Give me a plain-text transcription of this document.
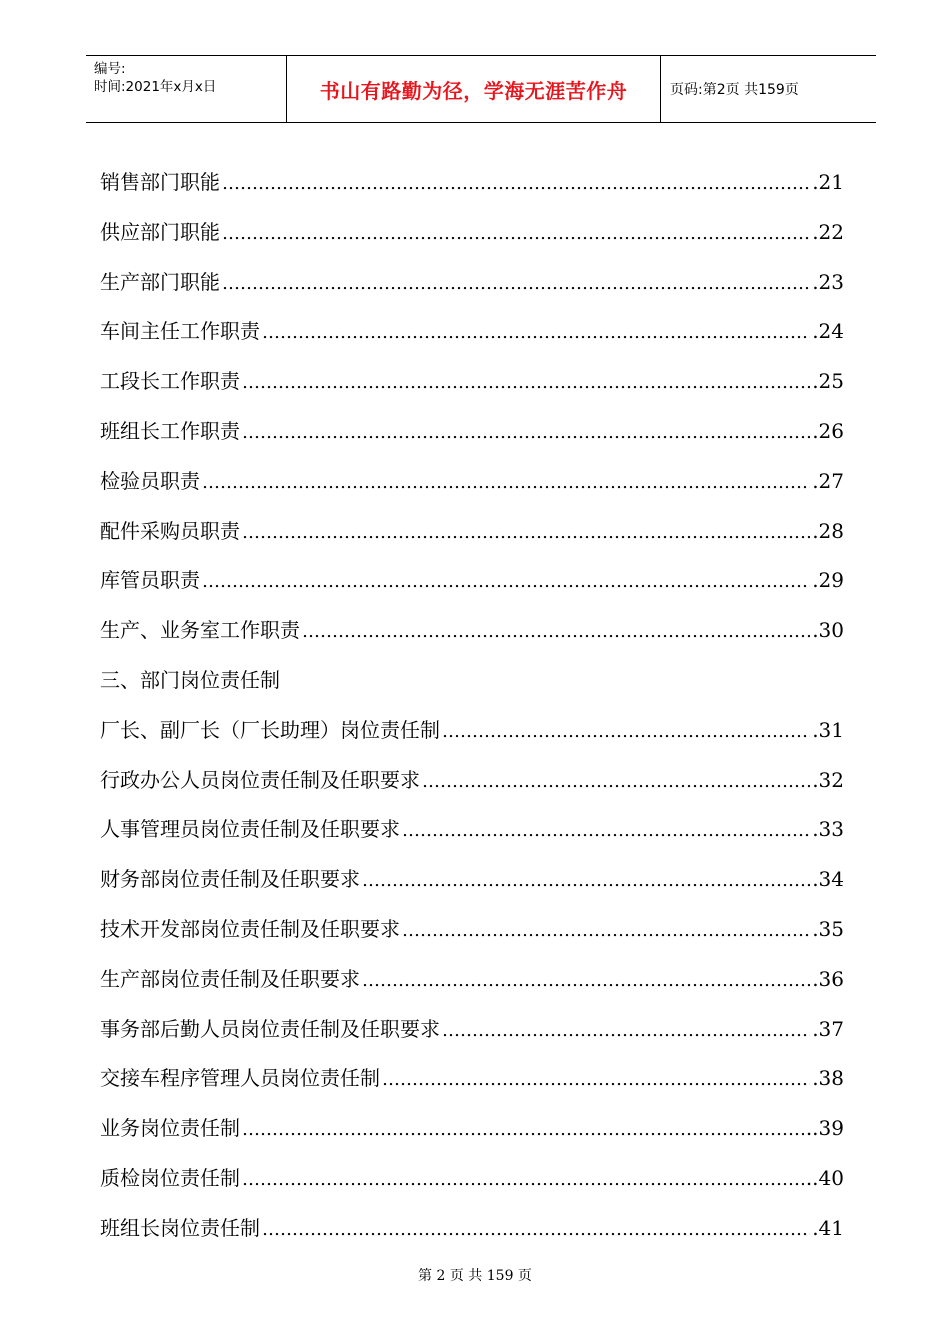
编号:
时间:2021年x月x日	书山有路勤为径，学海无涯苦作舟	页码:第2页 共159页
销售部门职能 ……………………………………………………………………………………………………………………………………………	.21
供应部门职能 ……………………………………………………………………………………………………………………………………………	.22
生产部门职能 ……………………………………………………………………………………………………………………………………………	.23
车间主任工作职责 ……………………………………………………………………………………………………………………………………………	.24
工段长工作职责 ……………………………………………………………………………………………………………………………………………	.25
班组长工作职责 ……………………………………………………………………………………………………………………………………………	.26
检验员职责 ……………………………………………………………………………………………………………………………………………	.27
配件采购员职责 ……………………………………………………………………………………………………………………………………………	.28
库管员职责 ……………………………………………………………………………………………………………………………………………	.29
生产、业务室工作职责 ……………………………………………………………………………………………………………………………………………	.30
三、部门岗位责任制
厂长、副厂长（厂长助理）岗位责任制 ……………………………………………………………………………………………………………………………………………	.31
行政办公人员岗位责任制及任职要求 ……………………………………………………………………………………………………………………………………………	.32
人事管理员岗位责任制及任职要求 ……………………………………………………………………………………………………………………………………………	.33
财务部岗位责任制及任职要求 ……………………………………………………………………………………………………………………………………………	.34
技术开发部岗位责任制及任职要求 ……………………………………………………………………………………………………………………………………………	.35
生产部岗位责任制及任职要求 ……………………………………………………………………………………………………………………………………………	.36
事务部后勤人员岗位责任制及任职要求 ……………………………………………………………………………………………………………………………………………	.37
交接车程序管理人员岗位责任制 ……………………………………………………………………………………………………………………………………………	.38
业务岗位责任制 ……………………………………………………………………………………………………………………………………………	..39
质检岗位责任制 ……………………………………………………………………………………………………………………………………………	..40
班组长岗位责任制 ……………………………………………………………………………………………………………………………………………	.41
第 2 页 共 159 页
